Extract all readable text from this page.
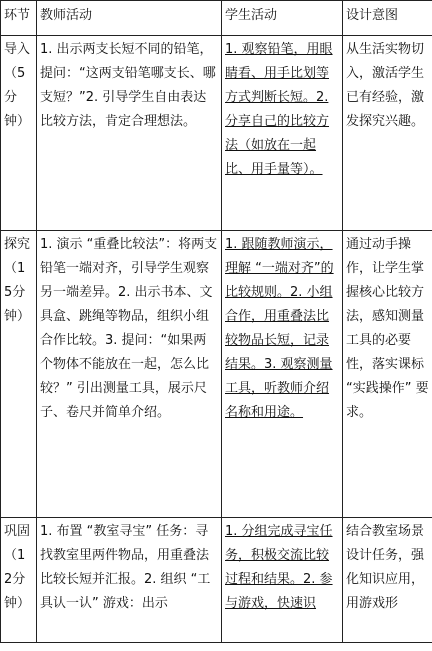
环节	教师活动	学生活动	设计意图
导入（5分钟）	1. 出示两支长短不同的铅笔，提问：“这两支铅笔哪支长、哪支短？”2. 引导学生自由表达比较方法，肯定合理想法。	1. 观察铅笔，用眼睛看、用手比划等方式判断长短。2. 分享自己的比较方法（如放在一起比、用手量等）。	从生活实物切入，激活学生已有经验，激发探究兴趣。
探究（15分钟）	1. 演示 “重叠比较法”：将两支铅笔一端对齐，引导学生观察另一端差异。2. 出示书本、文具盒、跳绳等物品，组织小组合作比较。3. 提问：“如果两个物体不能放在一起，怎么比较？” 引出测量工具，展示尺子、卷尺并简单介绍。	1. 跟随教师演示，理解 “一端对齐”的比较规则。2. 小组合作，用重叠法比较物品长短，记录结果。3. 观察测量工具，听教师介绍名称和用途。	通过动手操作，让学生掌握核心比较方法，感知测量工具的必要性，落实课标 “实践操作” 要求。
巩固（12分钟）	1. 布置 “教室寻宝” 任务：寻找教室里两件物品，用重叠法比较长短并汇报。2. 组织 “工具认一认” 游戏：出示	1. 分组完成寻宝任务，积极交流比较过程和结果。2. 参与游戏，快速识	结合教室场景设计任务，强化知识应用，用游戏形
